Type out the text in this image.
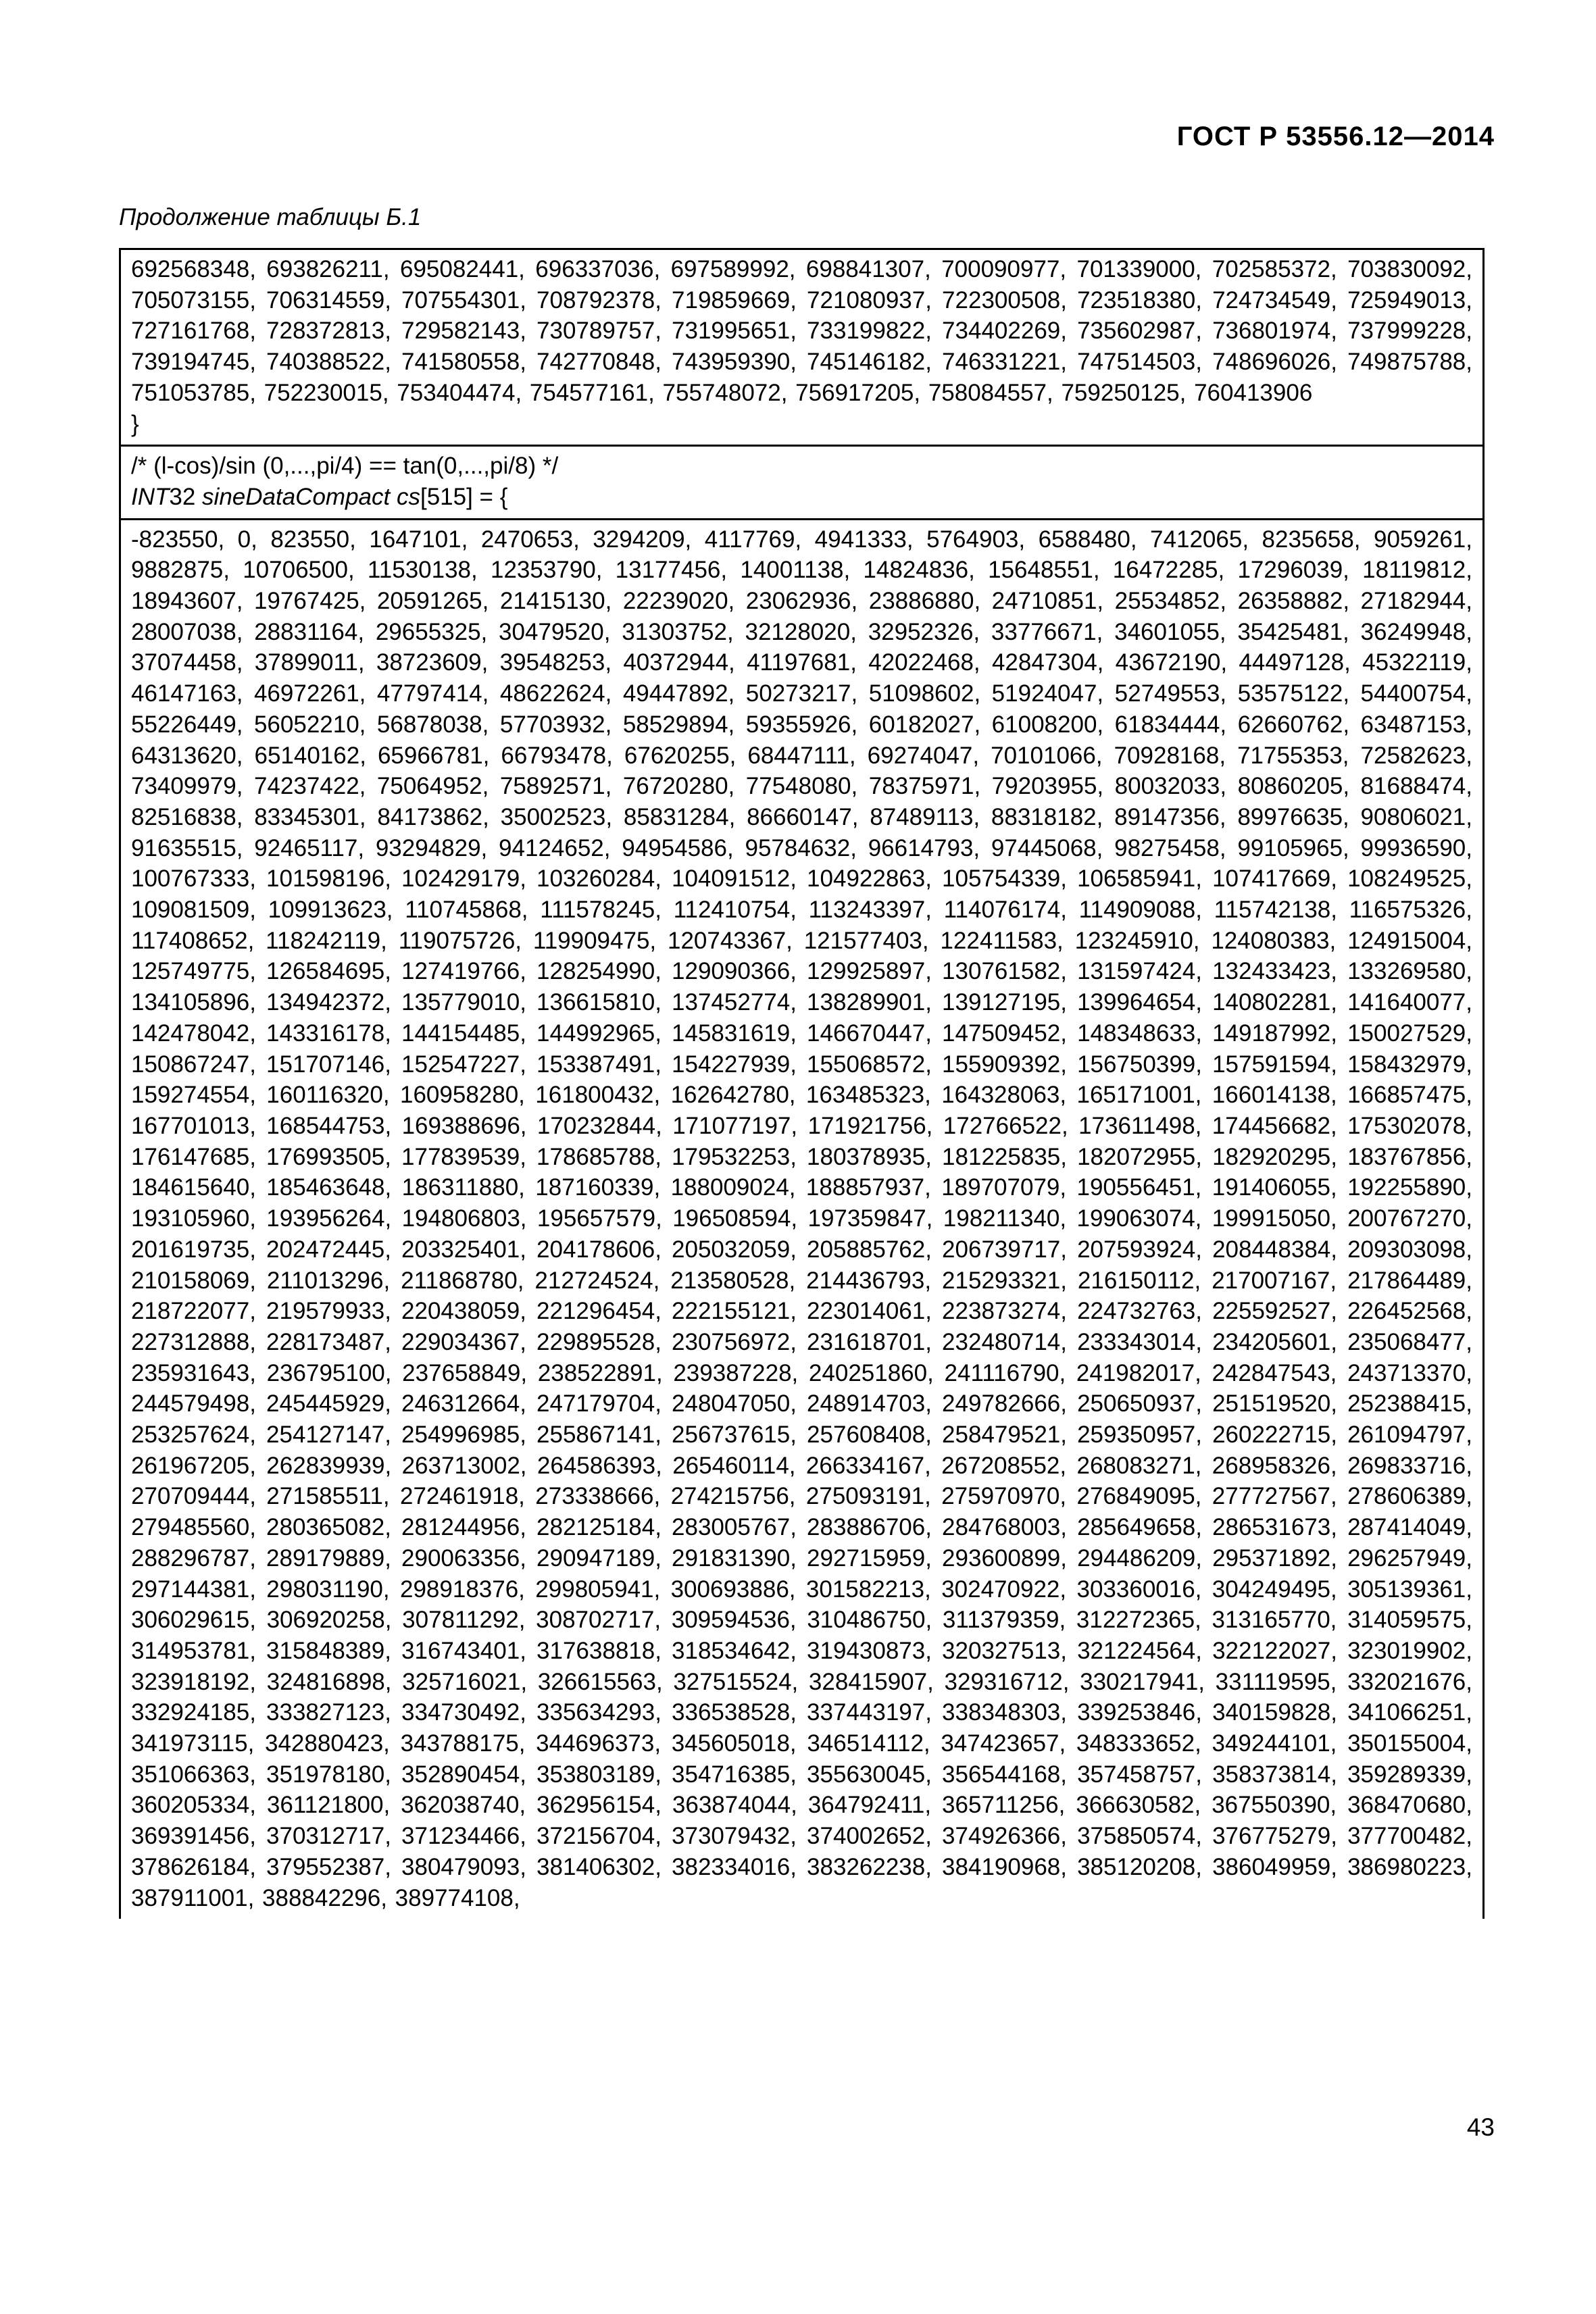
ГОСТ Р 53556.12—2014
Продолжение таблицы Б.1
692568348, 693826211, 695082441, 696337036, 697589992, 698841307, 700090977, 701339000, 702585372, 703830092, 705073155, 706314559, 707554301, 708792378, 719859669, 721080937, 722300508, 723518380, 724734549, 725949013, 727161768, 728372813, 729582143, 730789757, 731995651, 733199822, 734402269, 735602987, 736801974, 737999228, 739194745, 740388522, 741580558, 742770848, 743959390, 745146182, 746331221, 747514503, 748696026, 749875788, 751053785, 752230015, 753404474, 754577161, 755748072, 756917205, 758084557, 759250125, 760413906
}

/* (l-cos)/sin (0,...,pi/4) == tan(0,...,pi/8) */
INT32 sineDataCompact cs[515] = {

-823550, 0, 823550, 1647101, 2470653, 3294209, 4117769, 4941333, 5764903, 6588480, 7412065, 8235658, 9059261, 9882875, 10706500, 11530138, 12353790, 13177456, 14001138, 14824836, 15648551, 16472285, 17296039, 18119812, 18943607, 19767425, 20591265, 21415130, 22239020, 23062936, 23886880, 24710851, 25534852, 26358882, 27182944, 28007038, 28831164, 29655325, 30479520, 31303752, 32128020, 32952326, 33776671, 34601055, 35425481, 36249948, 37074458, 37899011, 38723609, 39548253, 40372944, 41197681, 42022468, 42847304, 43672190, 44497128, 45322119, 46147163, 46972261, 47797414, 48622624, 49447892, 50273217, 51098602, 51924047, 52749553, 53575122, 54400754, 55226449, 56052210, 56878038, 57703932, 58529894, 59355926, 60182027, 61008200, 61834444, 62660762, 63487153, 64313620, 65140162, 65966781, 66793478, 67620255, 68447111, 69274047, 70101066, 70928168, 71755353, 72582623, 73409979, 74237422, 75064952, 75892571, 76720280, 77548080, 78375971, 79203955, 80032033, 80860205, 81688474, 82516838, 83345301, 84173862, 35002523, 85831284, 86660147, 87489113, 88318182, 89147356, 89976635, 90806021, 91635515, 92465117, 93294829, 94124652, 94954586, 95784632, 96614793, 97445068, 98275458, 99105965, 99936590, 100767333, 101598196, 102429179, 103260284, 104091512, 104922863, 105754339, 106585941, 107417669, 108249525, 109081509, 109913623, 110745868, 111578245, 112410754, 113243397, 114076174, 114909088, 115742138, 116575326, 117408652, 118242119, 119075726, 119909475, 120743367, 121577403, 122411583, 123245910, 124080383, 124915004, 125749775, 126584695, 127419766, 128254990, 129090366, 129925897, 130761582, 131597424, 132433423, 133269580, 134105896, 134942372, 135779010, 136615810, 137452774, 138289901, 139127195, 139964654, 140802281, 141640077, 142478042, 143316178, 144154485, 144992965, 145831619, 146670447, 147509452, 148348633, 149187992, 150027529, 150867247, 151707146, 152547227, 153387491, 154227939, 155068572, 155909392, 156750399, 157591594, 158432979, 159274554, 160116320, 160958280, 161800432, 162642780, 163485323, 164328063, 165171001, 166014138, 166857475, 167701013, 168544753, 169388696, 170232844, 171077197, 171921756, 172766522, 173611498, 174456682, 175302078, 176147685, 176993505, 177839539, 178685788, 179532253, 180378935, 181225835, 182072955, 182920295, 183767856, 184615640, 185463648, 186311880, 187160339, 188009024, 188857937, 189707079, 190556451, 191406055, 192255890, 193105960, 193956264, 194806803, 195657579, 196508594, 197359847, 198211340, 199063074, 199915050, 200767270, 201619735, 202472445, 203325401, 204178606, 205032059, 205885762, 206739717, 207593924, 208448384, 209303098, 210158069, 211013296, 211868780, 212724524, 213580528, 214436793, 215293321, 216150112, 217007167, 217864489, 218722077, 219579933, 220438059, 221296454, 222155121, 223014061, 223873274, 224732763, 225592527, 226452568, 227312888, 228173487, 229034367, 229895528, 230756972, 231618701, 232480714, 233343014, 234205601, 235068477, 235931643, 236795100, 237658849, 238522891, 239387228, 240251860, 241116790, 241982017, 242847543, 243713370, 244579498, 245445929, 246312664, 247179704, 248047050, 248914703, 249782666, 250650937, 251519520, 252388415, 253257624, 254127147, 254996985, 255867141, 256737615, 257608408, 258479521, 259350957, 260222715, 261094797, 261967205, 262839939, 263713002, 264586393, 265460114, 266334167, 267208552, 268083271, 268958326, 269833716, 270709444, 271585511, 272461918, 273338666, 274215756, 275093191, 275970970, 276849095, 277727567, 278606389, 279485560, 280365082, 281244956, 282125184, 283005767, 283886706, 284768003, 285649658, 286531673, 287414049, 288296787, 289179889, 290063356, 290947189, 291831390, 292715959, 293600899, 294486209, 295371892, 296257949, 297144381, 298031190, 298918376, 299805941, 300693886, 301582213, 302470922, 303360016, 304249495, 305139361, 306029615, 306920258, 307811292, 308702717, 309594536, 310486750, 311379359, 312272365, 313165770, 314059575, 314953781, 315848389, 316743401, 317638818, 318534642, 319430873, 320327513, 321224564, 322122027, 323019902, 323918192, 324816898, 325716021, 326615563, 327515524, 328415907, 329316712, 330217941, 331119595, 332021676, 332924185, 333827123, 334730492, 335634293, 336538528, 337443197, 338348303, 339253846, 340159828, 341066251, 341973115, 342880423, 343788175, 344696373, 345605018, 346514112, 347423657, 348333652, 349244101, 350155004, 351066363, 351978180, 352890454, 353803189, 354716385, 355630045, 356544168, 357458757, 358373814, 359289339, 360205334, 361121800, 362038740, 362956154, 363874044, 364792411, 365711256, 366630582, 367550390, 368470680, 369391456, 370312717, 371234466, 372156704, 373079432, 374002652, 374926366, 375850574, 376775279, 377700482, 378626184, 379552387, 380479093, 381406302, 382334016, 383262238, 384190968, 385120208, 386049959, 386980223, 387911001, 388842296, 389774108,
43
